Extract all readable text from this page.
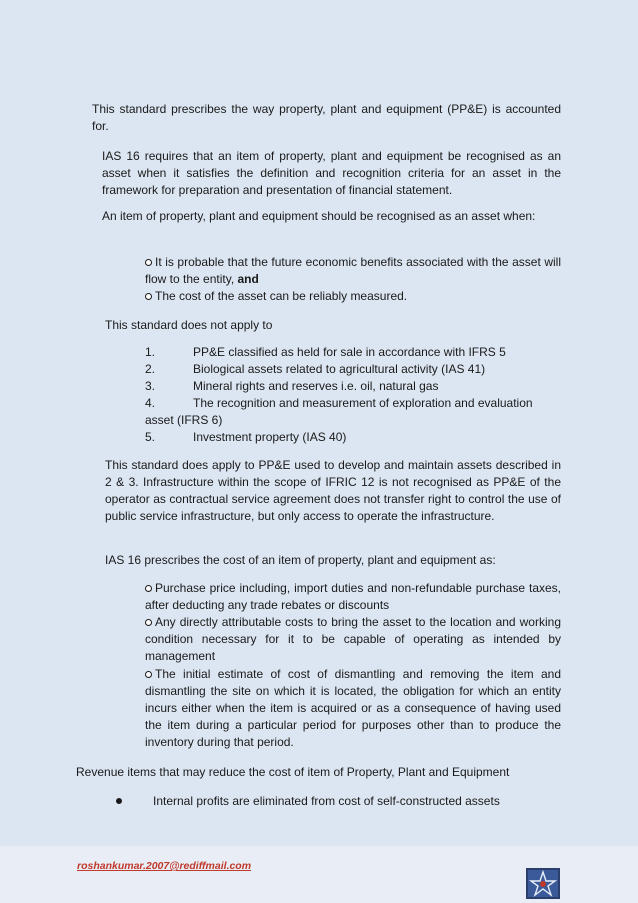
This standard prescribes the way property, plant and equipment (PP&E) is accounted for.
IAS 16 requires that an item of property, plant and equipment be recognised as an asset when it satisfies the definition and recognition criteria for an asset in the framework for preparation and presentation of financial statement.
An item of property, plant and equipment should be recognised as an asset when:
It is probable that the future economic benefits associated with the asset will flow to the entity, and
The cost of the asset can be reliably measured.
This standard does not apply to
1.	PP&E classified as held for sale in accordance with IFRS 5
2.	Biological assets related to agricultural activity (IAS 41)
3.	Mineral rights and reserves i.e. oil, natural gas
4.	The recognition and measurement of exploration and evaluation
asset (IFRS 6)
5.	Investment property (IAS 40)
This standard does apply to PP&E used to develop and maintain assets described in 2 & 3. Infrastructure within the scope of IFRIC 12 is not recognised as PP&E of the operator as contractual service agreement does not transfer right to control the use of public service infrastructure, but only access to operate the infrastructure.
IAS 16 prescribes the cost of an item of property, plant and equipment as:
Purchase price including, import duties and non-refundable purchase taxes, after deducting any trade rebates or discounts
Any directly attributable costs to bring the asset to the location and working condition necessary for it to be capable of operating as intended by management
The initial estimate of cost of dismantling and removing the item and dismantling the site on which it is located, the obligation for which an entity incurs either when the item is acquired or as a consequence of having used the item during a particular period for purposes other than to produce the inventory during that period.
Revenue items that may reduce the cost of item of Property, Plant and Equipment
Internal profits are eliminated from cost of self-constructed assets
roshankumar.2007@rediffmail.com
